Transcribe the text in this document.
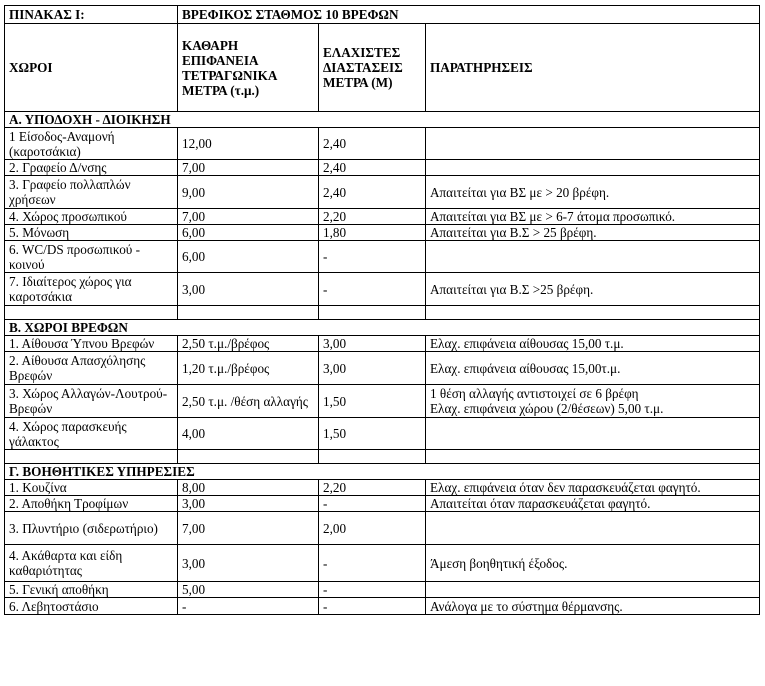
ΠΙΝΑΚΑΣ Ι:	ΒΡΕΦΙΚΟΣ ΣΤΑΘΜΟΣ 10 ΒΡΕΦΩΝ		
ΧΩΡΟΙ	ΚΑΘΑΡΗ ΕΠΙΦΑΝΕΙΑ ΤΕΤΡΑΓΩΝΙΚΑ ΜΕΤΡΑ (τ.μ.)	ΕΛΑΧΙΣΤΕΣ ΔΙΑΣΤΑΣΕΙΣ ΜΕΤΡΑ (Μ)	ΠΑΡΑΤΗΡΗΣΕΙΣ
Α. ΥΠΟΔΟΧΗ - ΔΙΟΙΚΗΣΗ			
1 Είσοδος-Αναμονή (καροτσάκια)	12,00	2,40	
2. Γραφείο Δ/νσης	7,00	2,40	
3. Γραφείο πολλαπλών χρήσεων	9,00	2,40	Απαιτείται για ΒΣ με > 20 βρέφη.
4. Χώρος προσωπικού	7,00	2,20	Απαιτείται για ΒΣ με > 6-7 άτομα προσωπικό.
5. Μόνωση	6,00	1,80	Απαιτείται για Β.Σ > 25 βρέφη.
6. WC/DS προσωπικού - κοινού	6,00	-	
7. Ιδιαίτερος χώρος για καροτσάκια	3,00	-	Απαιτείται για Β.Σ >25 βρέφη.

Β. ΧΩΡΟΙ ΒΡΕΦΩΝ			
1. Αίθουσα Ύπνου Βρεφών	2,50 τ.μ./βρέφος	3,00	Ελαχ. επιφάνεια αίθουσας 15,00 τ.μ.
2. Αίθουσα Απασχόλησης Βρεφών	1,20 τ.μ./βρέφος	3,00	Ελαχ. επιφάνεια αίθουσας 15,00τ.μ.
3. Χώρος Αλλαγών-Λουτρού-Βρεφών	2,50 τ.μ. /θέση αλλαγής	1,50	1 θέση αλλαγής αντιστοιχεί σε 6 βρέφη
Ελαχ. επιφάνεια χώρου (2/θέσεων) 5,00 τ.μ.

4. Χώρος παρασκευής γάλακτος	4,00	1,50	

Γ. ΒΟΗΘΗΤΙΚΕΣ ΥΠΗΡΕΣΙΕΣ			
1. Κουζίνα	8,00	2,20	Ελαχ. επιφάνεια όταν δεν παρασκευάζεται φαγητό.
2. Αποθήκη Τροφίμων	3,00	-	Απαιτείται όταν παρασκευάζεται φαγητό.
3. Πλυντήριο (σιδερωτήριο)	7,00	2,00	
4. Ακάθαρτα και είδη καθαριότητας	3,00	-	Άμεση βοηθητική έξοδος.
5. Γενική αποθήκη	5,00	-	
6. Λεβητοστάσιο	-	-	Ανάλογα με το σύστημα θέρμανσης.
